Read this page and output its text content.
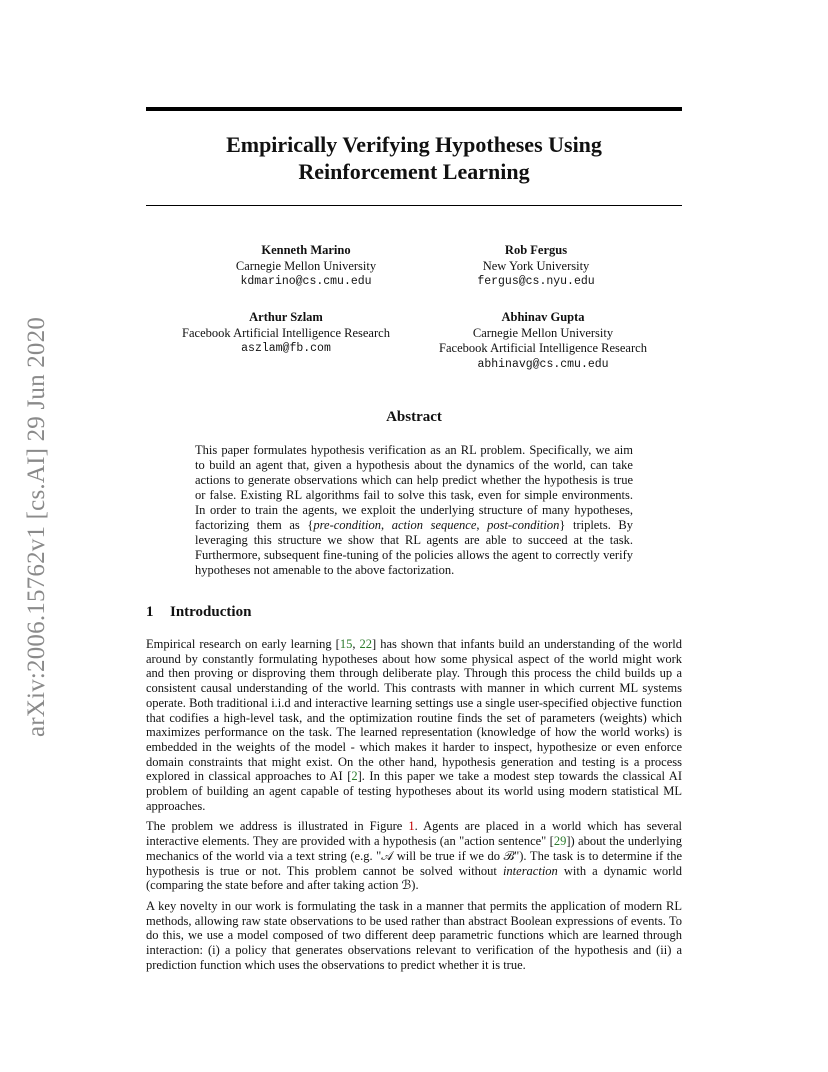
arXiv:2006.15762v1 [cs.AI] 29 Jun 2020
Empirically Verifying Hypotheses Using
Reinforcement Learning
Kenneth Marino
Carnegie Mellon University
kdmarino@cs.cmu.edu
Rob Fergus
New York University
fergus@cs.nyu.edu
Arthur Szlam
Facebook Artificial Intelligence Research
aszlam@fb.com
Abhinav Gupta
Carnegie Mellon University
Facebook Artificial Intelligence Research
abhinavg@cs.cmu.edu
Abstract
This paper formulates hypothesis verification as an RL problem. Specifically, we aim to build an agent that, given a hypothesis about the dynamics of the world, can take actions to generate observations which can help predict whether the hypothesis is true or false. Existing RL algorithms fail to solve this task, even for simple environments. In order to train the agents, we exploit the underlying structure of many hypotheses, factorizing them as {pre-condition, action sequence, post-condition} triplets. By leveraging this structure we show that RL agents are able to succeed at the task. Furthermore, subsequent fine-tuning of the policies allows the agent to correctly verify hypotheses not amenable to the above factorization.
1 Introduction

Empirical research on early learning [15, 22] has shown that infants build an understanding of the world around by constantly formulating hypotheses about how some physical aspect of the world might work and then proving or disproving them through deliberate play. Through this process the child builds up a consistent causal understanding of the world. This contrasts with manner in which current ML systems operate. Both traditional i.i.d and interactive learning settings use a single user-specified objective function that codifies a high-level task, and the optimization routine finds the set of parameters (weights) which maximizes performance on the task. The learned representation (knowledge of how the world works) is embedded in the weights of the model - which makes it harder to inspect, hypothesize or even enforce domain constraints that might exist. On the other hand, hypothesis generation and testing is a process explored in classical approaches to AI [2]. In this paper we take a modest step towards the classical AI problem of building an agent capable of testing hypotheses about its world using modern statistical ML approaches.

The problem we address is illustrated in Figure 1. Agents are placed in a world which has several interactive elements. They are provided with a hypothesis (an "action sentence" [29]) about the underlying mechanics of the world via a text string (e.g. "𝒜 will be true if we do ℬ"). The task is to determine if the hypothesis is true or not. This problem cannot be solved without interaction with a dynamic world (comparing the state before and after taking action ℬ).

A key novelty in our work is formulating the task in a manner that permits the application of modern RL methods, allowing raw state observations to be used rather than abstract Boolean expressions of events. To do this, we use a model composed of two different deep parametric functions which are learned through interaction: (i) a policy that generates observations relevant to verification of the hypothesis and (ii) a prediction function which uses the observations to predict whether it is true.
